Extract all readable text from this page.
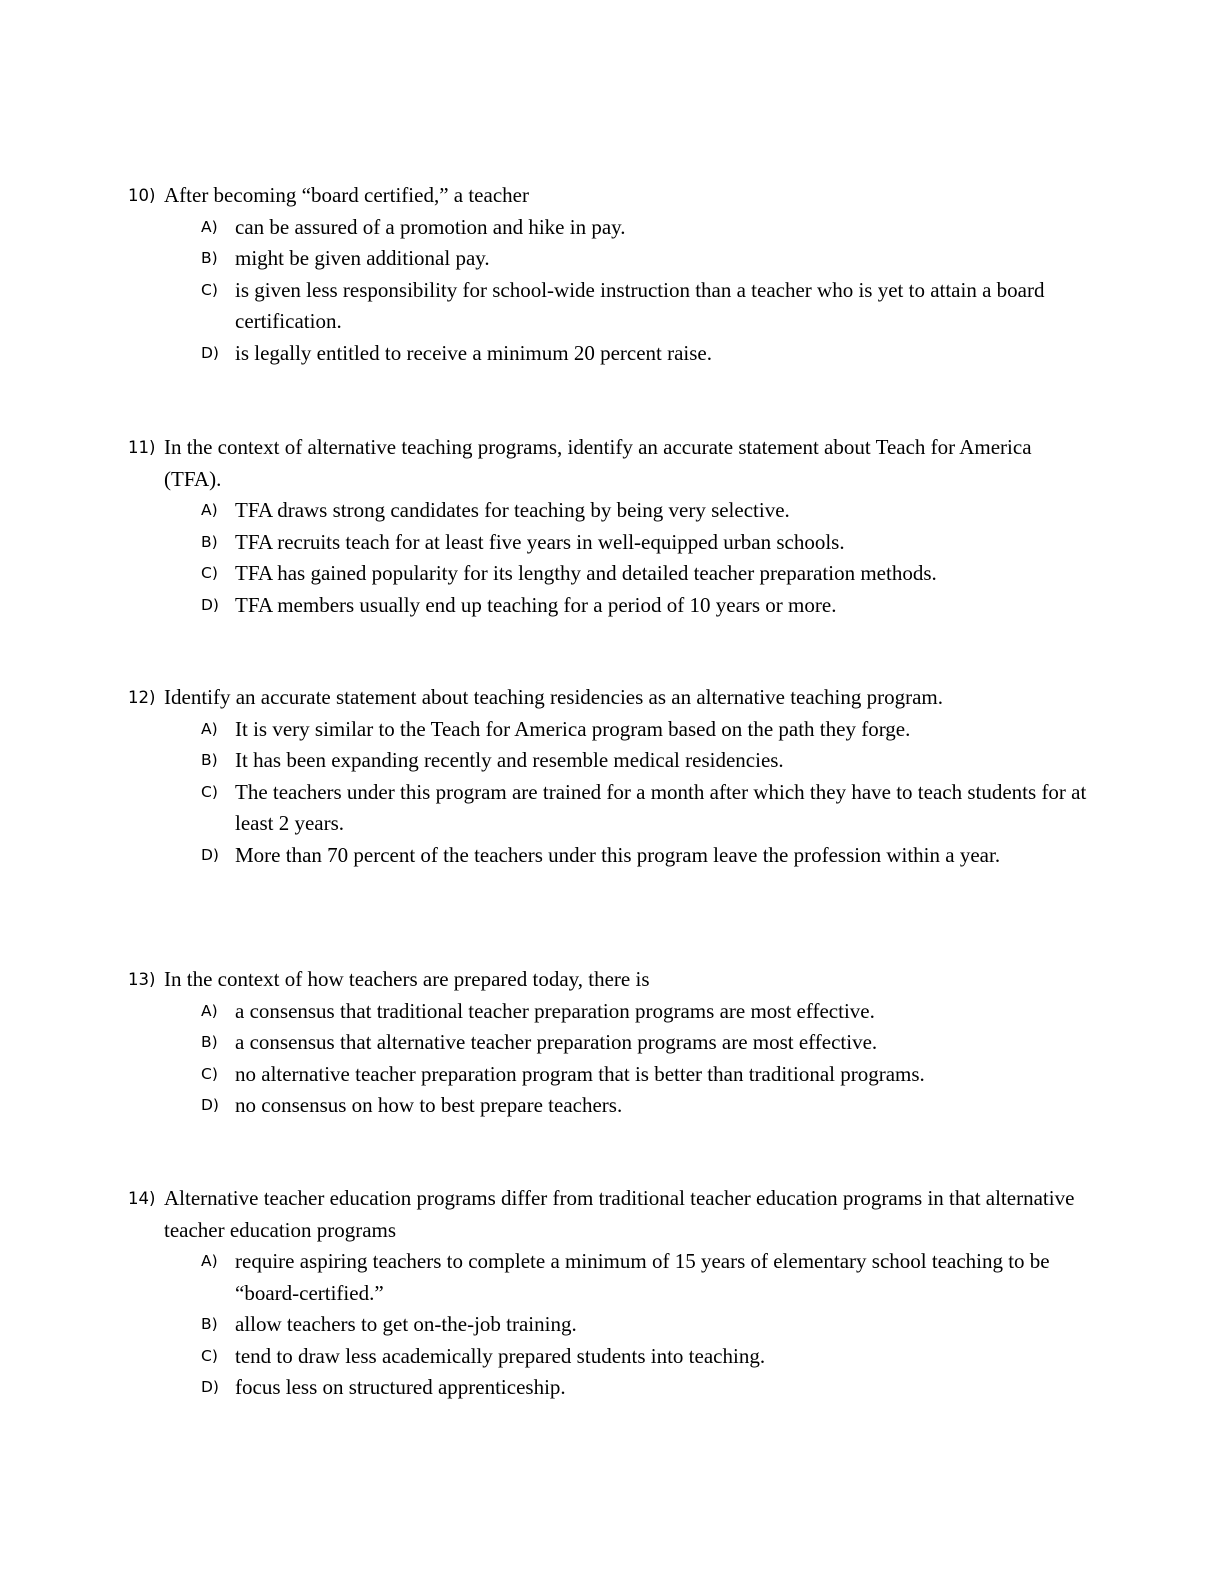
10) After becoming “board certified,” a teacher
A) can be assured of a promotion and hike in pay.
B) might be given additional pay.
C) is given less responsibility for school-wide instruction than a teacher who is yet to attain a board certification.
D) is legally entitled to receive a minimum 20 percent raise.
11) In the context of alternative teaching programs, identify an accurate statement about Teach for America (TFA).
A) TFA draws strong candidates for teaching by being very selective.
B) TFA recruits teach for at least five years in well-equipped urban schools.
C) TFA has gained popularity for its lengthy and detailed teacher preparation methods.
D) TFA members usually end up teaching for a period of 10 years or more.
12) Identify an accurate statement about teaching residencies as an alternative teaching program.
A) It is very similar to the Teach for America program based on the path they forge.
B) It has been expanding recently and resemble medical residencies.
C) The teachers under this program are trained for a month after which they have to teach students for at least 2 years.
D) More than 70 percent of the teachers under this program leave the profession within a year.
13) In the context of how teachers are prepared today, there is
A) a consensus that traditional teacher preparation programs are most effective.
B) a consensus that alternative teacher preparation programs are most effective.
C) no alternative teacher preparation program that is better than traditional programs.
D) no consensus on how to best prepare teachers.
14) Alternative teacher education programs differ from traditional teacher education programs in that alternative teacher education programs
A) require aspiring teachers to complete a minimum of 15 years of elementary school teaching to be “board-certified.”
B) allow teachers to get on-the-job training.
C) tend to draw less academically prepared students into teaching.
D) focus less on structured apprenticeship.
